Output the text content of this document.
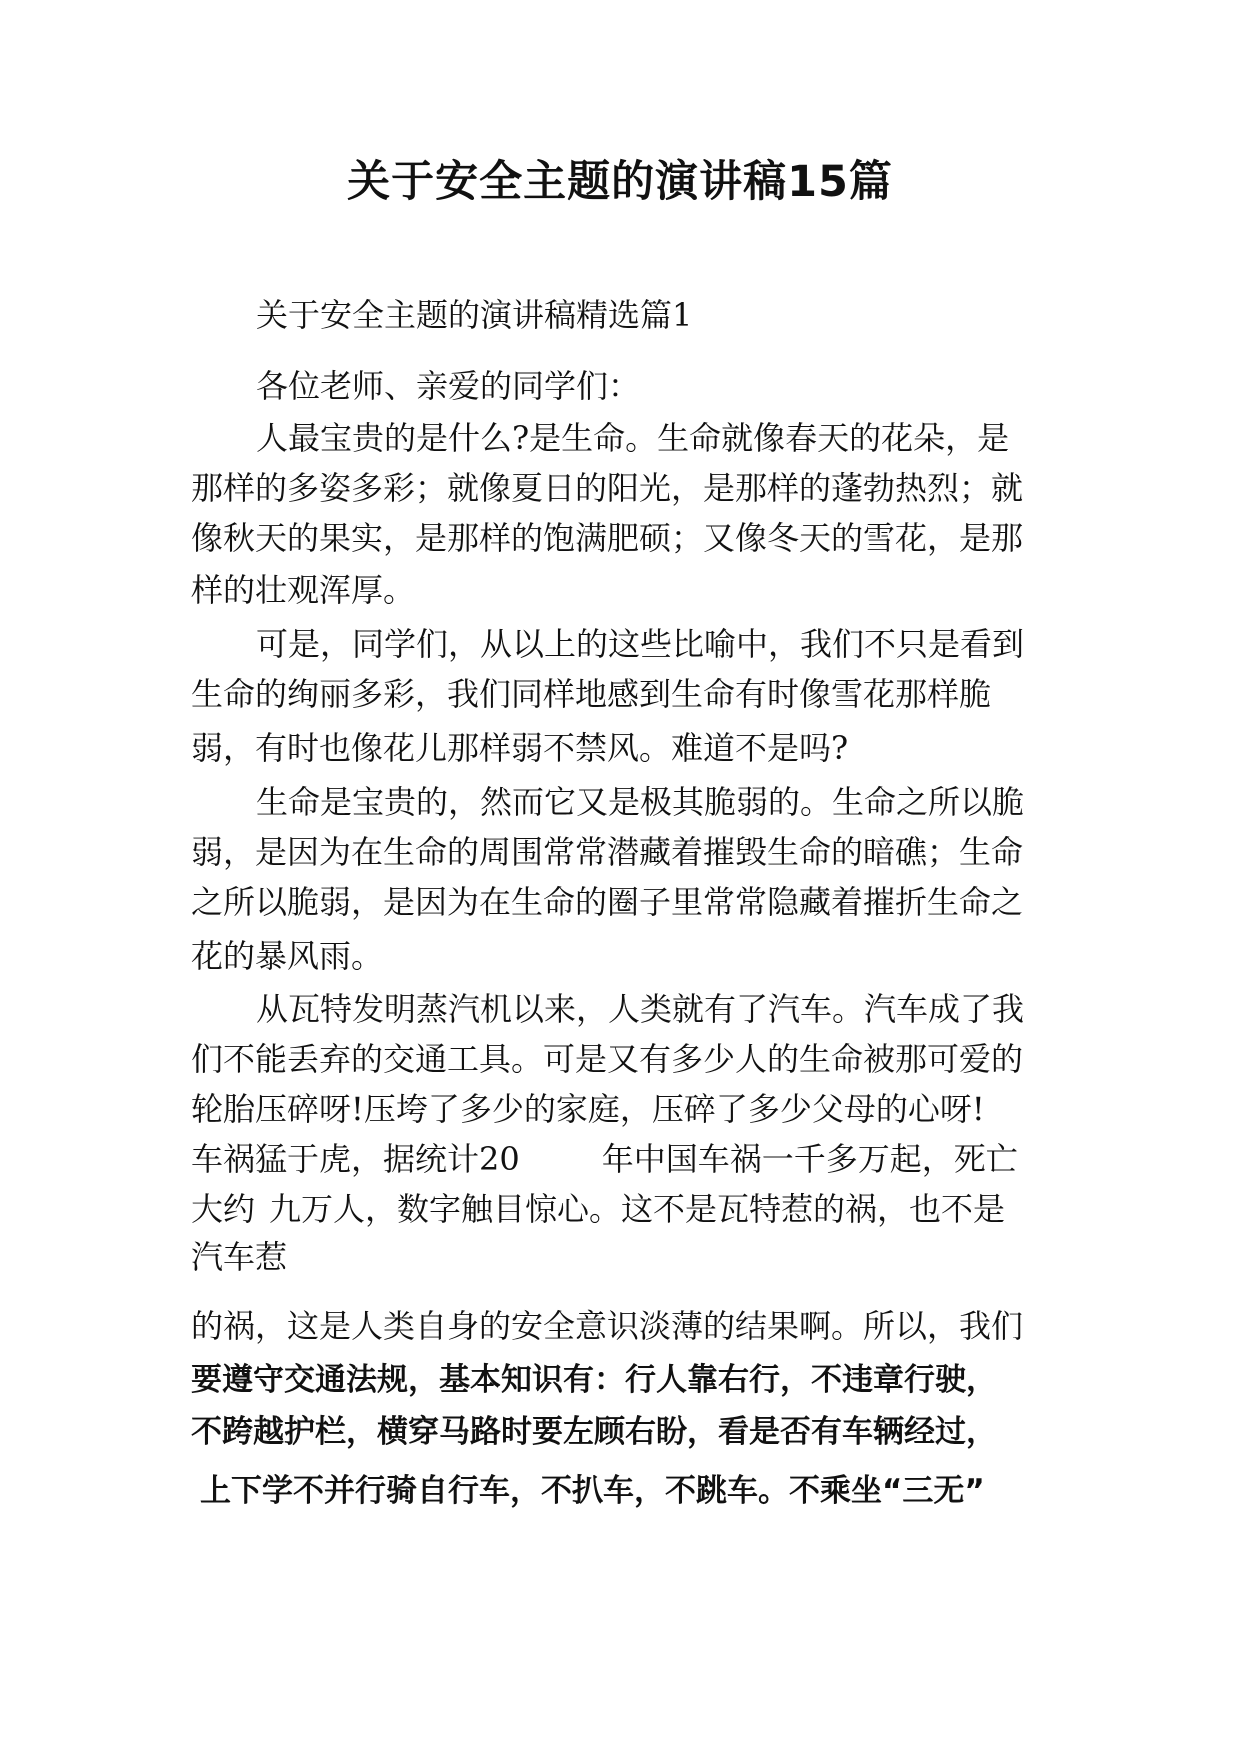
关于安全主题的演讲稿15篇
关于安全主题的演讲稿精选篇1
各位老师、亲爱的同学们：
人最宝贵的是什么?是生命。生命就像春天的花朵，是
那样的多姿多彩；就像夏日的阳光，是那样的蓬勃热烈；就
像秋天的果实，是那样的饱满肥硕；又像冬天的雪花，是那
样的壮观浑厚。
可是，同学们，从以上的这些比喻中，我们不只是看到
生命的绚丽多彩，我们同样地感到生命有时像雪花那样脆
弱，有时也像花儿那样弱不禁风。难道不是吗?
生命是宝贵的，然而它又是极其脆弱的。生命之所以脆
弱，是因为在生命的周围常常潜藏着摧毁生命的暗礁；生命
之所以脆弱，是因为在生命的圈子里常常隐藏着摧折生命之
花的暴风雨。
从瓦特发明蒸汽机以来，人类就有了汽车。汽车成了我
们不能丢弃的交通工具。可是又有多少人的生命被那可爱的
轮胎压碎呀!压垮了多少的家庭，压碎了多少父母的心呀!
车祸猛于虎，据统计20	年中国车祸一千多万起，死亡
大约 九万人，数字触目惊心。这不是瓦特惹的祸，也不是
汽车惹
的祸，这是人类自身的安全意识淡薄的结果啊。所以，我们
要遵守交通法规，基本知识有：行人靠右行，不违章行驶，
不跨越护栏，横穿马路时要左顾右盼，看是否有车辆经过，
上下学不并行骑自行车，不扒车，不跳车。不乘坐“三无”
